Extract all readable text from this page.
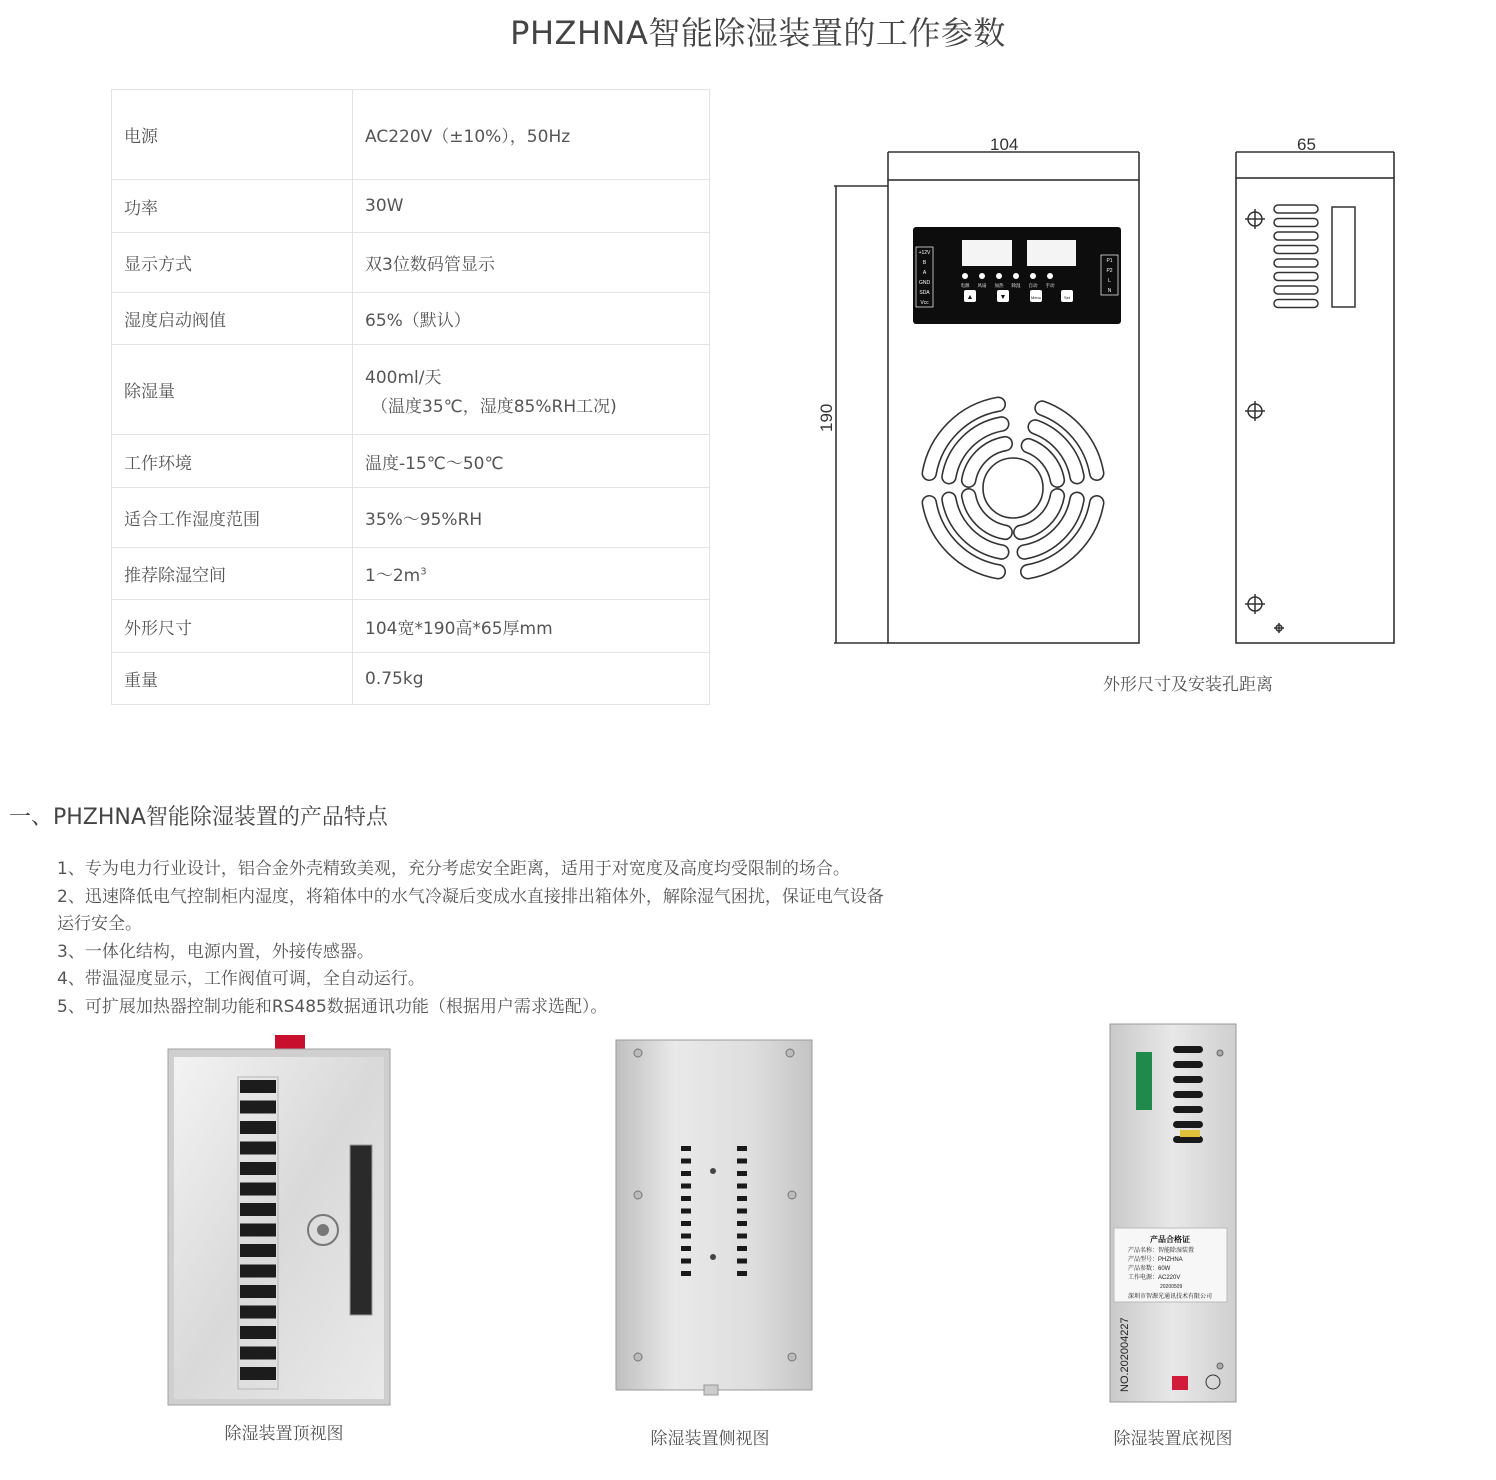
PHZHNA智能除湿装置的工作参数
电源	AC220V（±10%），50Hz
功率	30W
显示方式	双3位数码管显示
湿度启动阀值	65%（默认）
除湿量	400ml/天
（温度35℃，湿度85%RH工况)

工作环境	温度-15℃～50℃
适合工作湿度范围	35%～95%RH
推荐除湿空间	$1\sim 2m^3$
外形尺寸	104宽*190高*65厚mm
重量	0.75kg
104	65
190
+12V
B
A
GND
SDA
Vcc
P1
P2
L
N
电源 风扇 加热 除湿 自动 手动
▲	▼	Menu	Set
外形尺寸及安装孔距离
一、PHZHNA智能除湿装置的产品特点
1、专为电力行业设计，铝合金外壳精致美观，充分考虑安全距离，适用于对宽度及高度均受限制的场合。
2、迅速降低电气控制柜内湿度，将箱体中的水气冷凝后变成水直接排出箱体外，解除湿气困扰，保证电气设备
运行安全。
3、一体化结构，电源内置，外接传感器。
4、带温湿度显示，工作阀值可调，全自动运行。
5、可扩展加热器控制功能和RS485数据通讯功能（根据用户需求选配）。
除湿装置顶视图	除湿装置侧视图
产品合格证
产品名称：智能除湿装置
产品型号：PHZHNA
产品参数：60W
工作电源：AC220V
20200509
深圳市智源光通讯技术有限公司
NO.202004227
除湿装置底视图
